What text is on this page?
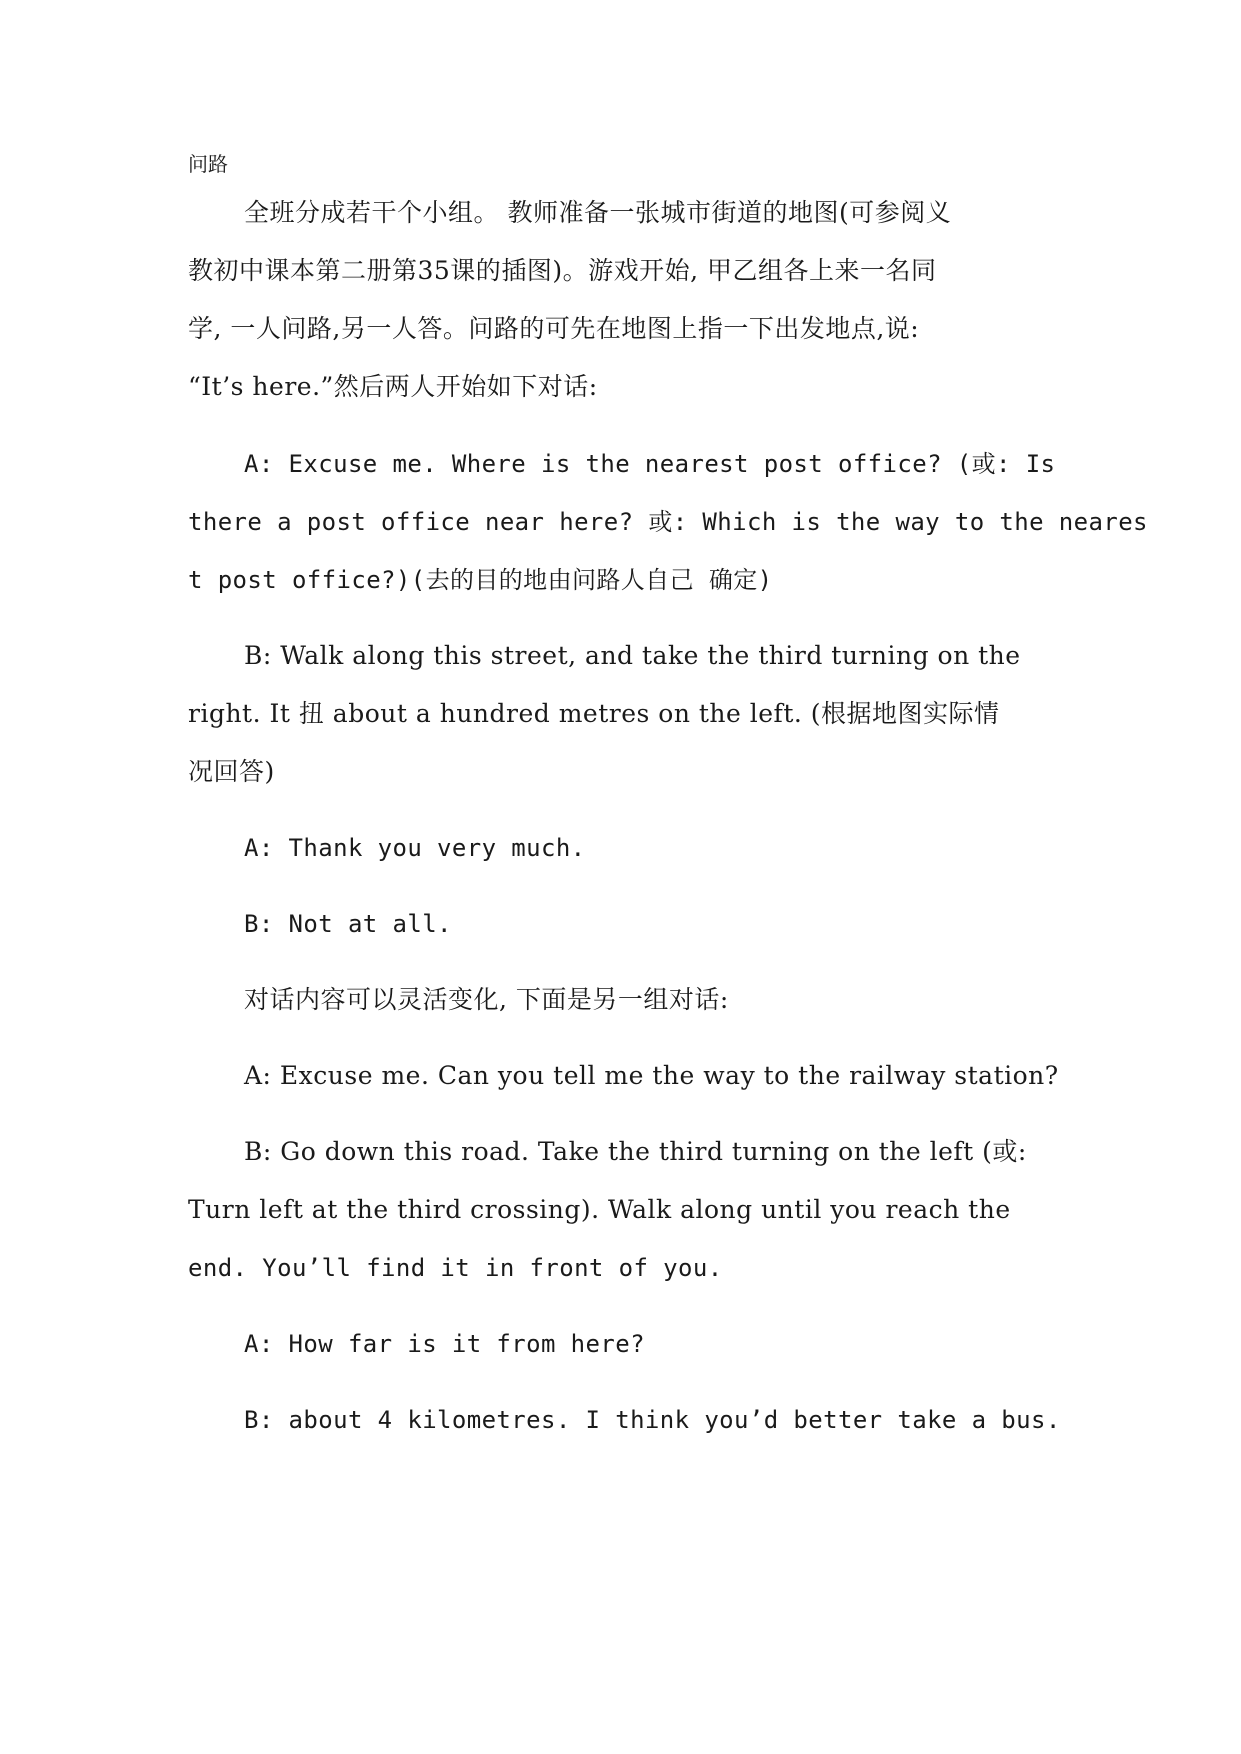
问路
全班分成若干个小组。 教师准备一张城市街道的地图(可参阅义
教初中课本第二册第35课的插图)。游戏开始, 甲乙组各上来一名同
学, 一人问路,另一人答。问路的可先在地图上指一下出发地点,说:
“It’s here.”然后两人开始如下对话:
A: Excuse me. Where is the nearest post office? (或: Is
there a post office near here? 或: Which is the way to the neares
t post office?)(去的目的地由问路人自己 确定)
B: Walk along this street, and take the third turning on the
right. It 扭 about a hundred metres on the left. (根据地图实际情
况回答)
A: Thank you very much.
B: Not at all.
对话内容可以灵活变化, 下面是另一组对话:
A: Excuse me. Can you tell me the way to the railway station?
B: Go down this road. Take the third turning on the left (或:
Turn left at the third crossing). Walk along until you reach the
end. You’ll find it in front of you.
A: How far is it from here?
B: about 4 kilometres. I think you’d better take a bus.
